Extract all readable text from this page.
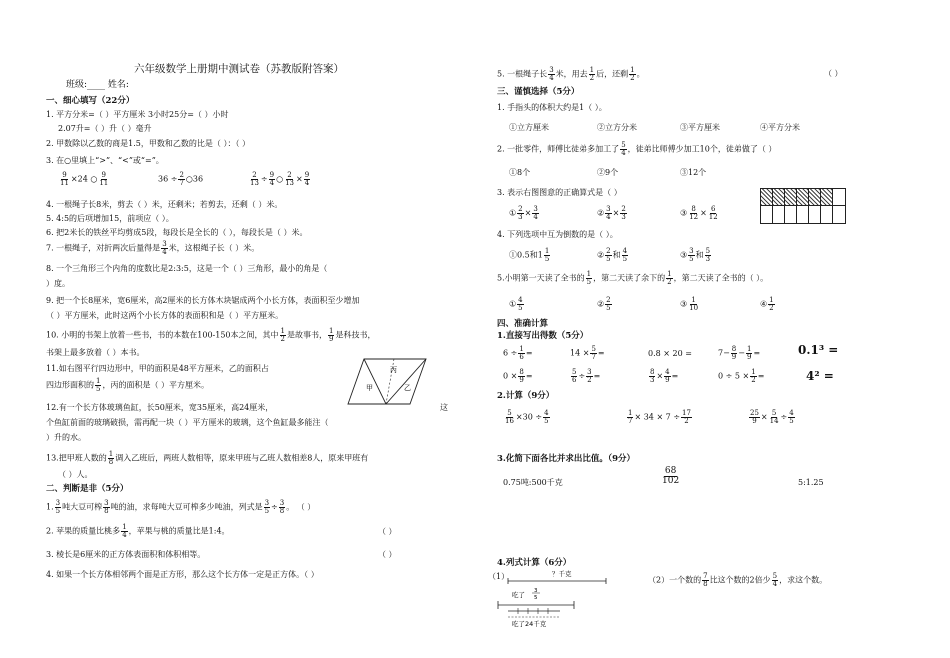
六年级数学上册期中测试卷（苏教版附答案）
班级:____ 姓名:
一、细心填写（22分）
1. 平方分米=（ ）平方厘米 3小时25分=（ ）小时
2.07升=（ ）升（ ）毫升
2. 甲数除以乙数的商是1.5，甲数和乙数的比是（ ）：（ ）
3. 在○里填上“>”、“<”或“=”。
$\frac{9}{11} \times 24$ ○ $\frac{9}{11}$	$36 \div \frac{2}{7}$ ○36	$\frac{2}{13} \div \frac{9}{4}$ ○ $\frac{2}{13} \times \frac{9}{4}$
4. 一根绳子长8米，剪去（ ）米，还剩米；若剪去，还剩（ ）米。
5. 4:5的后项增加15，前项应（ ）。
6. 把2米长的铁丝平均剪成5段，每段长是全长的（ ），每段长是（ ）米。
7. 一根绳子，对折两次后量得是 $\frac{3}{4}$ 米，这根绳子长（ ）米。
8. 一个三角形三个内角的度数比是2:3:5，这是一个（ ）三角形，最小的角是（
）度。
9. 把一个长8厘米，宽6厘米，高2厘米的长方体木块锯成两个小长方体，表面积至少增加
（ ）平方厘米，此时这两个小长方体的表面积和是（ ）平方厘米。
10. 小明的书架上放着一些书，书的本数在100-150本之间，其中 $\frac{1}{2}$ 是故事书， $\frac{1}{9}$ 是科技书，
书架上最多放着（ ）本书。
11.如右图平行四边形中，甲的面积是48平方厘米，乙的面积占
四边形面积的 $\frac{1}{5}$ ，丙的面积是（ ）平方厘米。	甲
丙
乙
12.有一个长方体玻璃鱼缸，长50厘米，宽35厘米，高24厘米，	这
个鱼缸前面的玻璃破损，需再配一块（ ）平方厘米的玻璃，这个鱼缸最多能注（
）升的水。
13.把甲班人数的 $\frac{1}{8}$ 调入乙班后，两班人数相等，原来甲班与乙班人数相差8人，原来甲班有
（ ）人。
二、判断是非（5分）
1. $\frac{3}{5}$ 吨大豆可榨 $\frac{3}{8}$ 吨的油，求每吨大豆可榨多少吨油，列式是 $\frac{3}{5} \div \frac{3}{8}$ 。 （ ）
2. 苹果的质量比桃多 $\frac{1}{4}$ ，苹果与桃的质量比是1:4。	（ ）
3. 棱长是6厘米的正方体表面积和体积相等。	（ ）
4. 如果一个长方体相邻两个面是正方形，那么这个长方体一定是正方体。（ ）
5. 一根绳子长 $\frac{3}{4}$ 米，用去 $\frac{1}{2}$ 后，还剩 $\frac{1}{2}$ 。	（ ）
三、谨慎选择（5分）
1. 手指头的体积大约是1（ ）。
①立方厘米	②立方分米	③平方厘米	④平方分米
2. 一批零件，师傅比徒弟多加工了 $\frac{5}{4}$ ，徒弟比师傅少加工10个，徒弟做了（ ）
①8个	②9个	③12个
3. 表示右图图意的正确算式是（ ）
① $\frac{2}{3} \times \frac{3}{4}$	② $\frac{3}{4} \times \frac{2}{3}$	③ $\frac{8}{12} \times \frac{6}{12}$
4. 下列选项中互为倒数的是（ ）。
①0.5和$1 \frac{1}{5}$	② $\frac{2}{5}$ 和 $\frac{4}{5}$	③ $\frac{3}{5}$ 和 $\frac{5}{3}$
5.小明第一天读了全书的 $\frac{1}{5}$ ，第二天读了余下的 $\frac{1}{2}$ ，第二天读了全书的（ ）。
① $\frac{4}{5}$	② $\frac{2}{5}$	③ $\frac{1}{10}$	④ $\frac{1}{2}$
四、准确计算
1.直接写出得数（5分）
$6 \div \frac{1}{6}$ =	$14 \times \frac{5}{7}$ =	0.8 × 20 =	$7- \frac{8}{9} - \frac{1}{9}$ =	0.1³ =
$0 \times \frac{8}{9}$ =	$\frac{5}{6} \div \frac{3}{2}$ =	$\frac{8}{3} \times \frac{4}{9}$ =	$0 \div 5 \times \frac{1}{2}$ =	4² =
2.计算（9分）
$\frac{5}{16} \times 30 \div \frac{4}{5}$	$\frac{1}{7} \times 34 \times 7 \div \frac{17}{2}$	$\frac{25}{9} \times \frac{5}{14} \div \frac{4}{5}$
3.化简下面各比并求出比值。（9分）
$\frac{68}{102}$
0.75吨:500千克	5:1.25
4.列式计算（6分）
（1）	？千克
吃了 3
5
吃了24千克
（2）一个数的 $\frac{7}{8}$ 比这个数的2倍少 $\frac{5}{4}$ ，求这个数。
